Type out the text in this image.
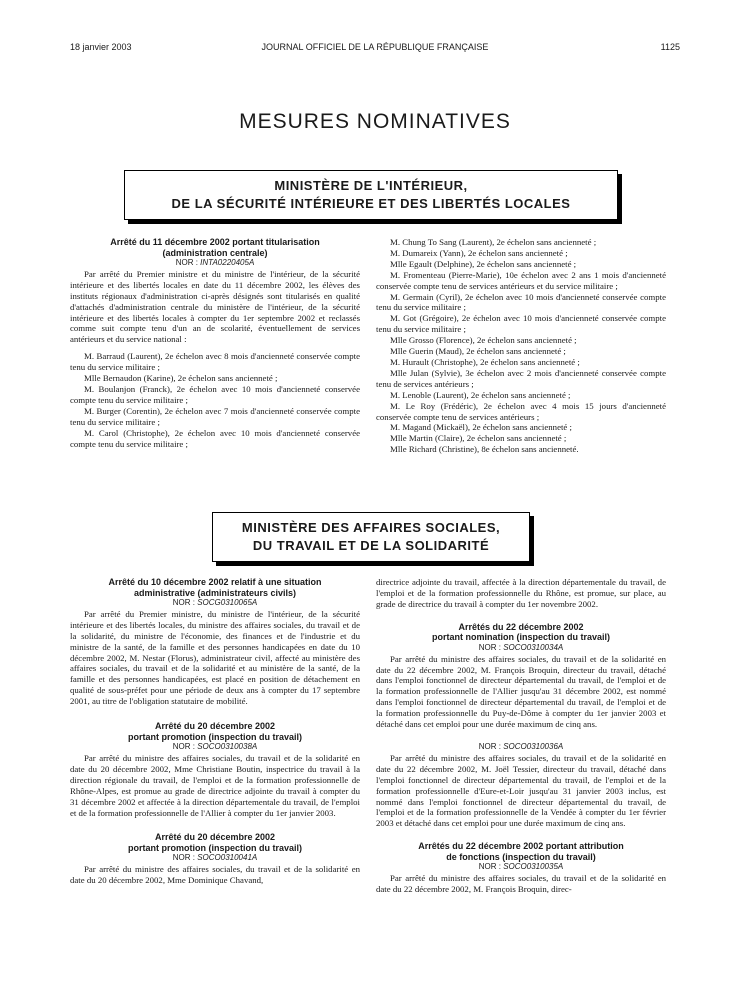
18 janvier 2003	JOURNAL OFFICIEL DE LA RÉPUBLIQUE FRANÇAISE	1125
MESURES NOMINATIVES
MINISTÈRE DE L'INTÉRIEUR,
DE LA SÉCURITÉ INTÉRIEURE ET DES LIBERTÉS LOCALES

Arrêté du 11 décembre 2002 portant titularisation

(administration centrale)

NOR : INTA0220405A

Par arrêté du Premier ministre et du ministre de l'intérieur, de la sécurité intérieure et des libertés locales en date du 11 décembre 2002, les élèves des instituts régionaux d'administration ci-après désignés sont titularisés en qualité d'attachés d'administration centrale du ministère de l'intérieur, de la sécurité intérieure et des libertés locales à compter du 1er septembre 2002 et reclassés comme suit compte tenu d'un an de scolarité, éventuellement de services antérieurs et du service national :

M. Barraud (Laurent), 2e échelon avec 8 mois d'ancienneté conservée compte tenu du service militaire ;

Mlle Bernaudon (Karine), 2e échelon sans ancienneté ;

M. Boulanjon (Franck), 2e échelon avec 10 mois d'ancienneté conservée compte tenu du service militaire ;

M. Burger (Corentin), 2e échelon avec 7 mois d'ancienneté conservée compte tenu du service militaire ;

M. Carol (Christophe), 2e échelon avec 10 mois d'ancienneté conservée compte tenu du service militaire ;

M. Chung To Sang (Laurent), 2e échelon sans ancienneté ;

M. Dumareix (Yann), 2e échelon sans ancienneté ;

Mlle Egault (Delphine), 2e échelon sans ancienneté ;

M. Fromenteau (Pierre-Marie), 10e échelon avec 2 ans 1 mois d'ancienneté conservée compte tenu de services antérieurs et du service militaire ;

M. Germain (Cyril), 2e échelon avec 10 mois d'ancienneté conservée compte tenu du service militaire ;

M. Got (Grégoire), 2e échelon avec 10 mois d'ancienneté conservée compte tenu du service militaire ;

Mlle Grosso (Florence), 2e échelon sans ancienneté ;

Mlle Guerin (Maud), 2e échelon sans ancienneté ;

M. Hurault (Christophe), 2e échelon sans ancienneté ;

Mlle Julan (Sylvie), 3e échelon avec 2 mois d'ancienneté conservée compte tenu de services antérieurs ;

M. Lenoble (Laurent), 2e échelon sans ancienneté ;

M. Le Roy (Frédéric), 2e échelon avec 4 mois 15 jours d'ancienneté conservée compte tenu de services antérieurs ;

M. Magand (Mickaël), 2e échelon sans ancienneté ;

Mlle Martin (Claire), 2e échelon sans ancienneté ;

Mlle Richard (Christine), 8e échelon sans ancienneté.

MINISTÈRE DES AFFAIRES SOCIALES,
DU TRAVAIL ET DE LA SOLIDARITÉ

Arrêté du 10 décembre 2002 relatif à une situation

administrative (administrateurs civils)

NOR : SOCG0310065A

Par arrêté du Premier ministre, du ministre de l'intérieur, de la sécurité intérieure et des libertés locales, du ministre des affaires sociales, du travail et de la solidarité, du ministre de l'économie, des finances et de l'industrie et du ministre de la santé, de la famille et des personnes handicapées en date du 10 décembre 2002, M. Nestar (Florus), administrateur civil, affecté au ministère des affaires sociales, du travail et de la solidarité et au ministère de la santé, de la famille et des personnes handicapées, est placé en position de détachement en qualité de sous-préfet pour une période de deux ans à compter du 17 septembre 2001, au titre de l'obligation statutaire de mobilité.

Arrêté du 20 décembre 2002

portant promotion (inspection du travail)

NOR : SOCO0310038A

Par arrêté du ministre des affaires sociales, du travail et de la solidarité en date du 20 décembre 2002, Mme Christiane Boutin, inspectrice du travail à la direction régionale du travail, de l'emploi et de la formation professionnelle de Rhône-Alpes, est promue au grade de directrice adjointe du travail à compter du 31 décembre 2002 et affectée à la direction départementale du travail, de l'emploi et de la formation professionnelle de l'Allier à compter du 1er janvier 2003.

Arrêté du 20 décembre 2002

portant promotion (inspection du travail)

NOR : SOCO0310041A

Par arrêté du ministre des affaires sociales, du travail et de la solidarité en date du 20 décembre 2002, Mme Dominique Chavand,

directrice adjointe du travail, affectée à la direction départementale du travail, de l'emploi et de la formation professionnelle du Rhône, est promue, sur place, au grade de directrice du travail à compter du 1er novembre 2002.

Arrêtés du 22 décembre 2002

portant nomination (inspection du travail)

NOR : SOCO0310034A

Par arrêté du ministre des affaires sociales, du travail et de la solidarité en date du 22 décembre 2002, M. François Broquin, directeur du travail, détaché dans l'emploi fonctionnel de directeur départemental du travail, de l'emploi et de la formation professionnelle de l'Allier jusqu'au 31 décembre 2002, est nommé dans l'emploi fonctionnel de directeur départemental du travail, de l'emploi et de la formation professionnelle du Puy-de-Dôme à compter du 1er janvier 2003 et détaché dans cet emploi pour une durée maximum de cinq ans.

NOR : SOCO0310036A

Par arrêté du ministre des affaires sociales, du travail et de la solidarité en date du 22 décembre 2002, M. Joël Tessier, directeur du travail, détaché dans l'emploi fonctionnel de directeur départemental du travail, de l'emploi et de la formation professionnelle d'Eure-et-Loir jusqu'au 31 janvier 2003 inclus, est nommé dans l'emploi fonctionnel de directeur départemental du travail, de l'emploi et de la formation professionnelle de la Vendée à compter du 1er février 2003 et détaché dans cet emploi pour une durée maximum de cinq ans.

Arrêtés du 22 décembre 2002 portant attribution

de fonctions (inspection du travail)

NOR : SOCO0310035A

Par arrêté du ministre des affaires sociales, du travail et de la solidarité en date du 22 décembre 2002, M. François Broquin, direc-
